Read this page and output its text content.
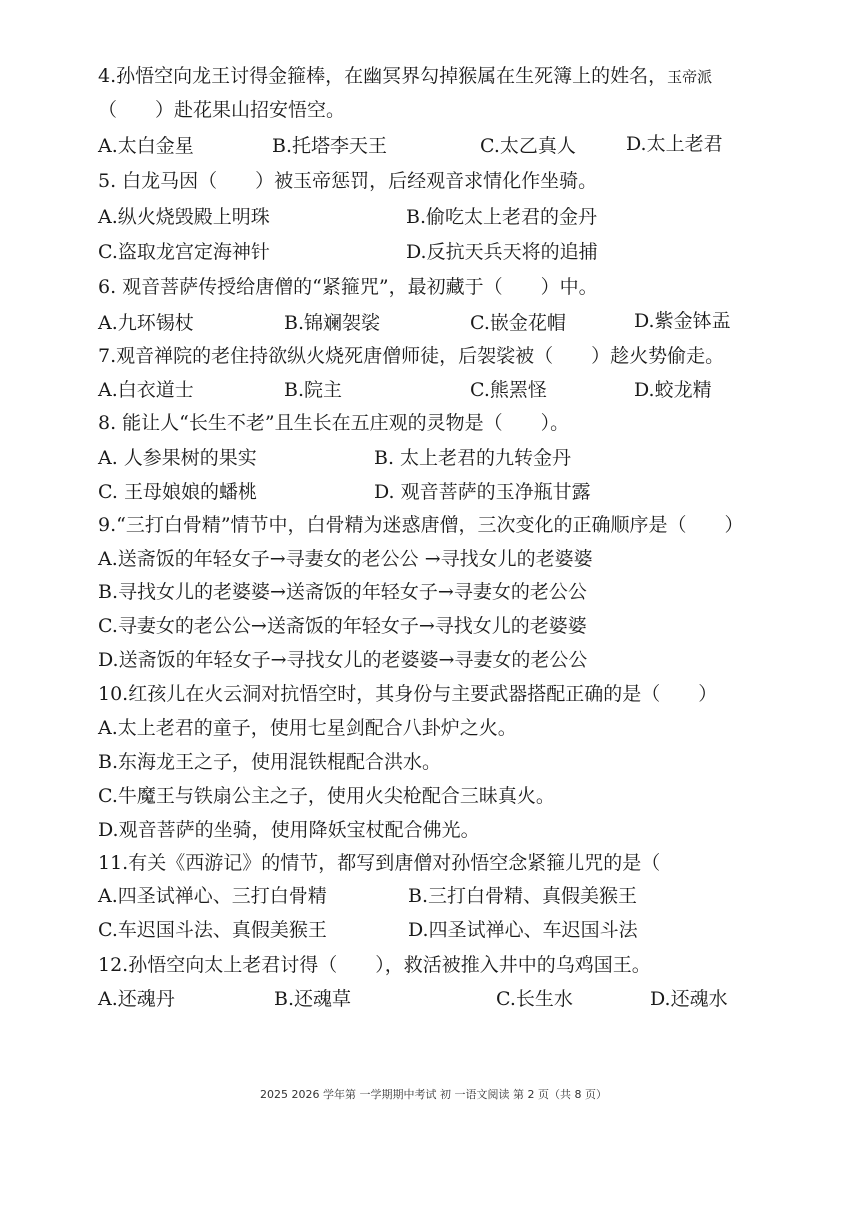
4.孙悟空向龙王讨得金箍棒，在幽冥界勾掉猴属在生死簿上的姓名，玉帝派
（　　）赴花果山招安悟空。
A.太白金星	B.托塔李天王	C.太乙真人	D.太上老君
5. 白龙马因（　　）被玉帝惩罚，后经观音求情化作坐骑。
A.纵火烧毁殿上明珠	B.偷吃太上老君的金丹
C.盗取龙宫定海神针	D.反抗天兵天将的追捕
6. 观音菩萨传授给唐僧的“紧箍咒”，最初藏于（　　）中。
A.九环锡杖	B.锦斓袈裟	C.嵌金花帽	D.紫金钵盂
7.观音禅院的老住持欲纵火烧死唐僧师徒，后袈裟被（　　）趁火势偷走。
A.白衣道士	B.院主	C.熊罴怪	D.蛟龙精
8. 能让人“长生不老”且生长在五庄观的灵物是（　　）。
A. 人参果树的果实	B. 太上老君的九转金丹
C. 王母娘娘的蟠桃	D. 观音菩萨的玉净瓶甘露
9.“三打白骨精”情节中，白骨精为迷惑唐僧，三次变化的正确顺序是（　　）
A.送斋饭的年轻女子→寻妻女的老公公 →寻找女儿的老婆婆
B.寻找女儿的老婆婆→送斋饭的年轻女子→寻妻女的老公公
C.寻妻女的老公公→送斋饭的年轻女子→寻找女儿的老婆婆
D.送斋饭的年轻女子→寻找女儿的老婆婆→寻妻女的老公公
10.红孩儿在火云洞对抗悟空时，其身份与主要武器搭配正确的是（　　）
A.太上老君的童子，使用七星剑配合八卦炉之火。
B.东海龙王之子，使用混铁棍配合洪水。
C.牛魔王与铁扇公主之子，使用火尖枪配合三昧真火。
D.观音菩萨的坐骑，使用降妖宝杖配合佛光。
11.有关《西游记》的情节，都写到唐僧对孙悟空念紧箍儿咒的是（
A.四圣试禅心、三打白骨精	B.三打白骨精、真假美猴王
C.车迟国斗法、真假美猴王	D.四圣试禅心、车迟国斗法
12.孙悟空向太上老君讨得（　　），救活被推入井中的乌鸡国王。
A.还魂丹	B.还魂草	C.长生水	D.还魂水
2025 2026 学年第 一学期期中考试 初 一语文阅读 第 2 页（共 8 页）
